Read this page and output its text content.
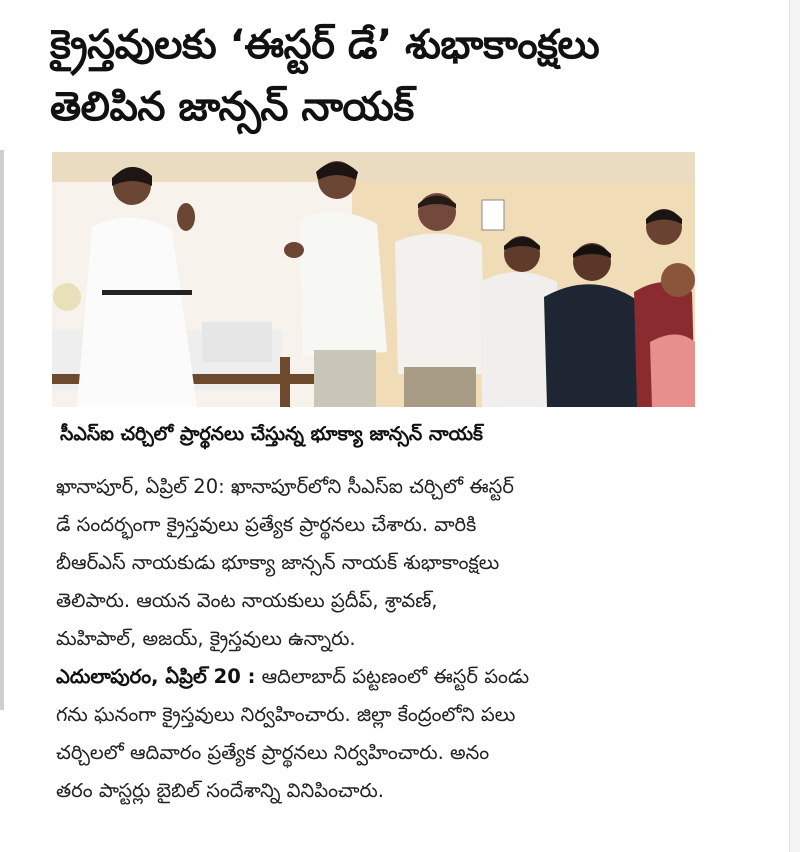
క్రైస్తవులకు ‘ఈస్టర్ డే’ శుభాకాంక్షలు
తెలిపిన జాన్సన్ నాయక్

సీఎస్ఐ చర్చిలో ప్రార్థనలు చేస్తున్న భూక్యా జాన్సన్ నాయక్

ఖానాపూర్, ఏప్రిల్ 20: ఖానాపూర్‌లోని సీఎస్ఐ చర్చిలో ఈస్టర్
డే సందర్భంగా క్రైస్తవులు ప్రత్యేక ప్రార్థనలు చేశారు. వారికి
బీఆర్ఎస్ నాయకుడు భూక్యా జాన్సన్ నాయక్ శుభాకాంక్షలు
తెలిపారు. ఆయన వెంట నాయకులు ప్రదీప్, శ్రావణ్,
మహిపాల్, అజయ్, క్రైస్తవులు ఉన్నారు.
ఎదులాపురం, ఏప్రిల్ 20 : ఆదిలాబాద్ పట్టణంలో ఈస్టర్ పండు
గను ఘనంగా క్రైస్తవులు నిర్వహించారు. జిల్లా కేంద్రంలోని పలు
చర్చిలలో ఆదివారం ప్రత్యేక ప్రార్థనలు నిర్వహించారు. అనం
తరం పాస్టర్లు బైబిల్ సందేశాన్ని వినిపించారు.
